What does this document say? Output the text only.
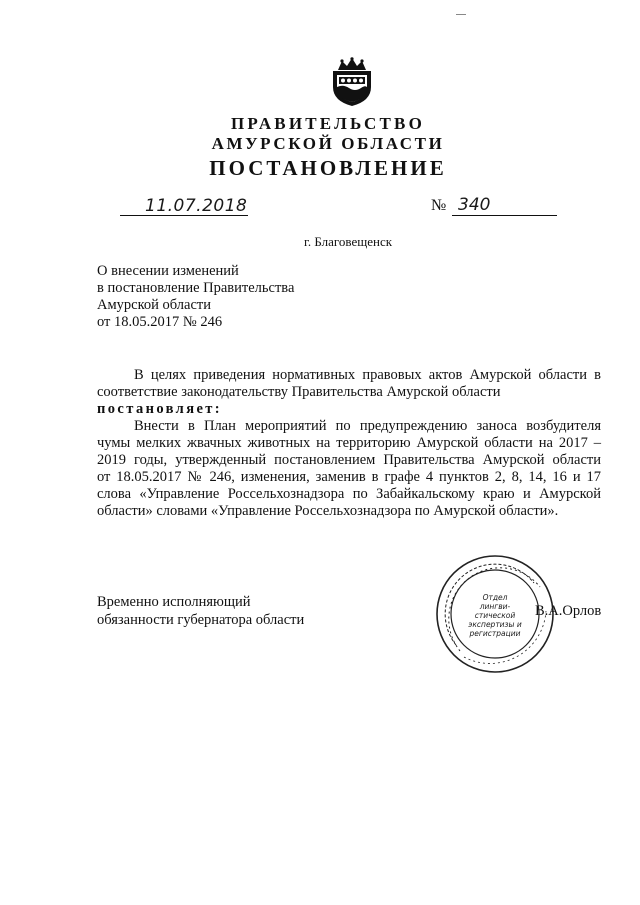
ПРАВИТЕЛЬСТВО
АМУРСКОЙ ОБЛАСТИ
ПОСТАНОВЛЕНИЕ
11.07.2018	№ 340
г. Благовещенск
О внесении изменений
в постановление Правительства
Амурской области
от 18.05.2017 № 246
В целях приведения нормативных правовых актов Амурской области в
соответствие законодательству Правительства Амурской области
постановляет:
Внести в План мероприятий по предупреждению заноса возбудителя
чумы мелких жвачных животных на территорию Амурской области на 2017 –
2019 годы, утвержденный постановлением Правительства Амурской области
от 18.05.2017 № 246, изменения, заменив в графе 4 пунктов 2, 8, 14, 16 и 17
слова «Управление Россельхознадзора по Забайкальскому краю и Амурской
области» словами «Управление Россельхознадзора по Амурской области».
Временно исполняющий
обязанности губернатора области
Отдел
лингви-
стической
экспертизы и
регистрации
В.А.Орлов
